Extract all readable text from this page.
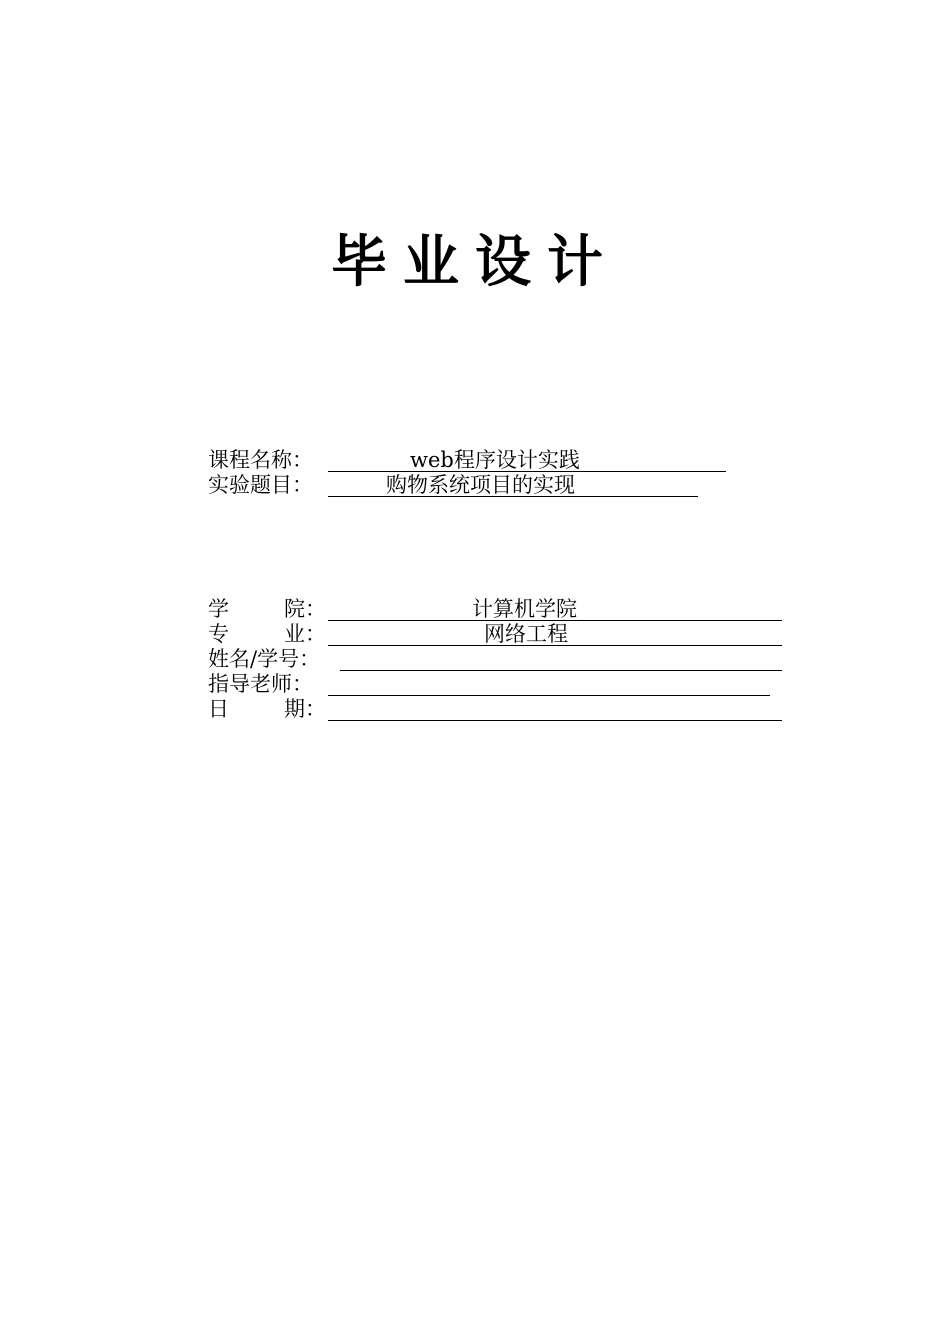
毕业设计
课程名称：	web程序设计实践
实验题目：	购物系统项目的实现
学	院：	计算机学院
专	业：	网络工程
姓名/学号：
指导老师：
日	期：
